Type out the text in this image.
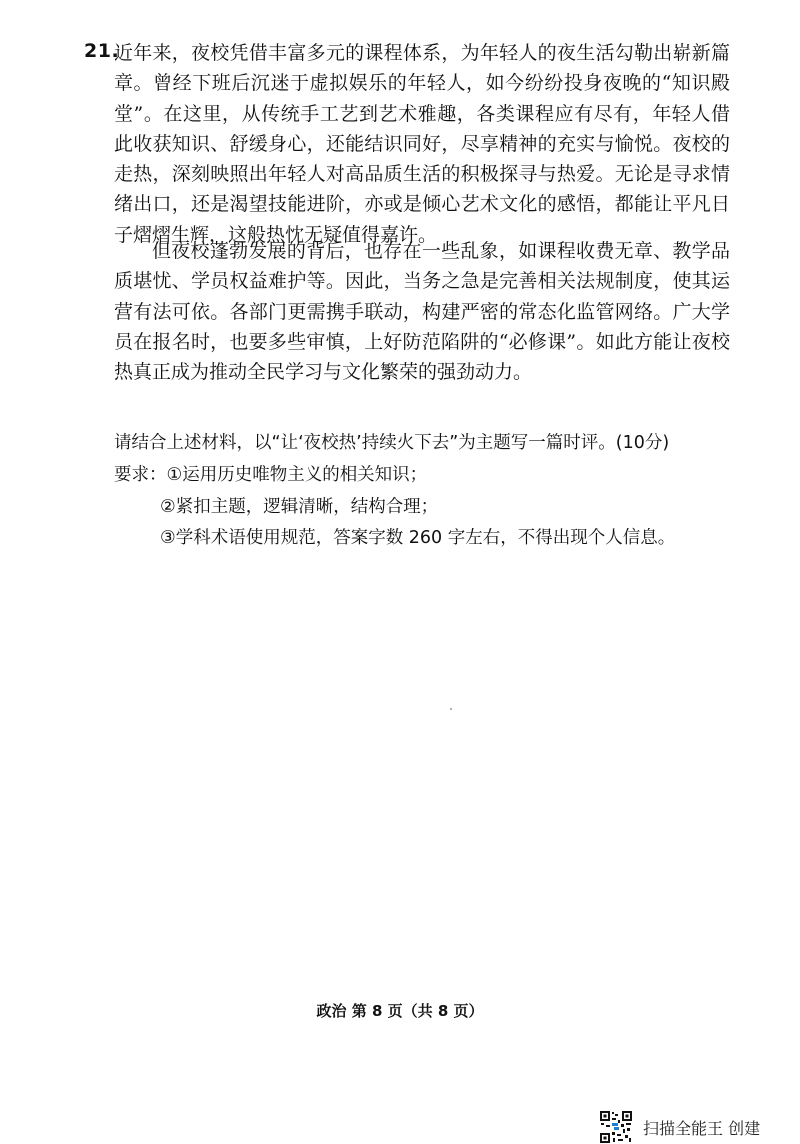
21.

近年来，夜校凭借丰富多元的课程体系，为年轻人的夜生活勾勒出崭新篇章。曾经下班后沉迷于虚拟娱乐的年轻人，如今纷纷投身夜晚的“知识殿堂”。在这里，从传统手工艺到艺术雅趣，各类课程应有尽有，年轻人借此收获知识、舒缓身心，还能结识同好，尽享精神的充实与愉悦。夜校的走热，深刻映照出年轻人对高品质生活的积极探寻与热爱。无论是寻求情绪出口，还是渴望技能进阶，亦或是倾心艺术文化的感悟，都能让平凡日子熠熠生辉，这般热忱无疑值得嘉许。

但夜校蓬勃发展的背后，也存在一些乱象，如课程收费无章、教学品质堪忧、学员权益难护等。因此，当务之急是完善相关法规制度，使其运营有法可依。各部门更需携手联动，构建严密的常态化监管网络。广大学员在报名时，也要多些审慎，上好防范陷阱的“必修课”。如此方能让夜校热真正成为推动全民学习与文化繁荣的强劲动力。

请结合上述材料，以“让‘夜校热’持续火下去”为主题写一篇时评。(10分)

要求：①运用历史唯物主义的相关知识；

②紧扣主题，逻辑清晰，结构合理；

③学科术语使用规范，答案字数 260 字左右，不得出现个人信息。

政治 第 8 页（共 8 页）
扫描全能王 创建
